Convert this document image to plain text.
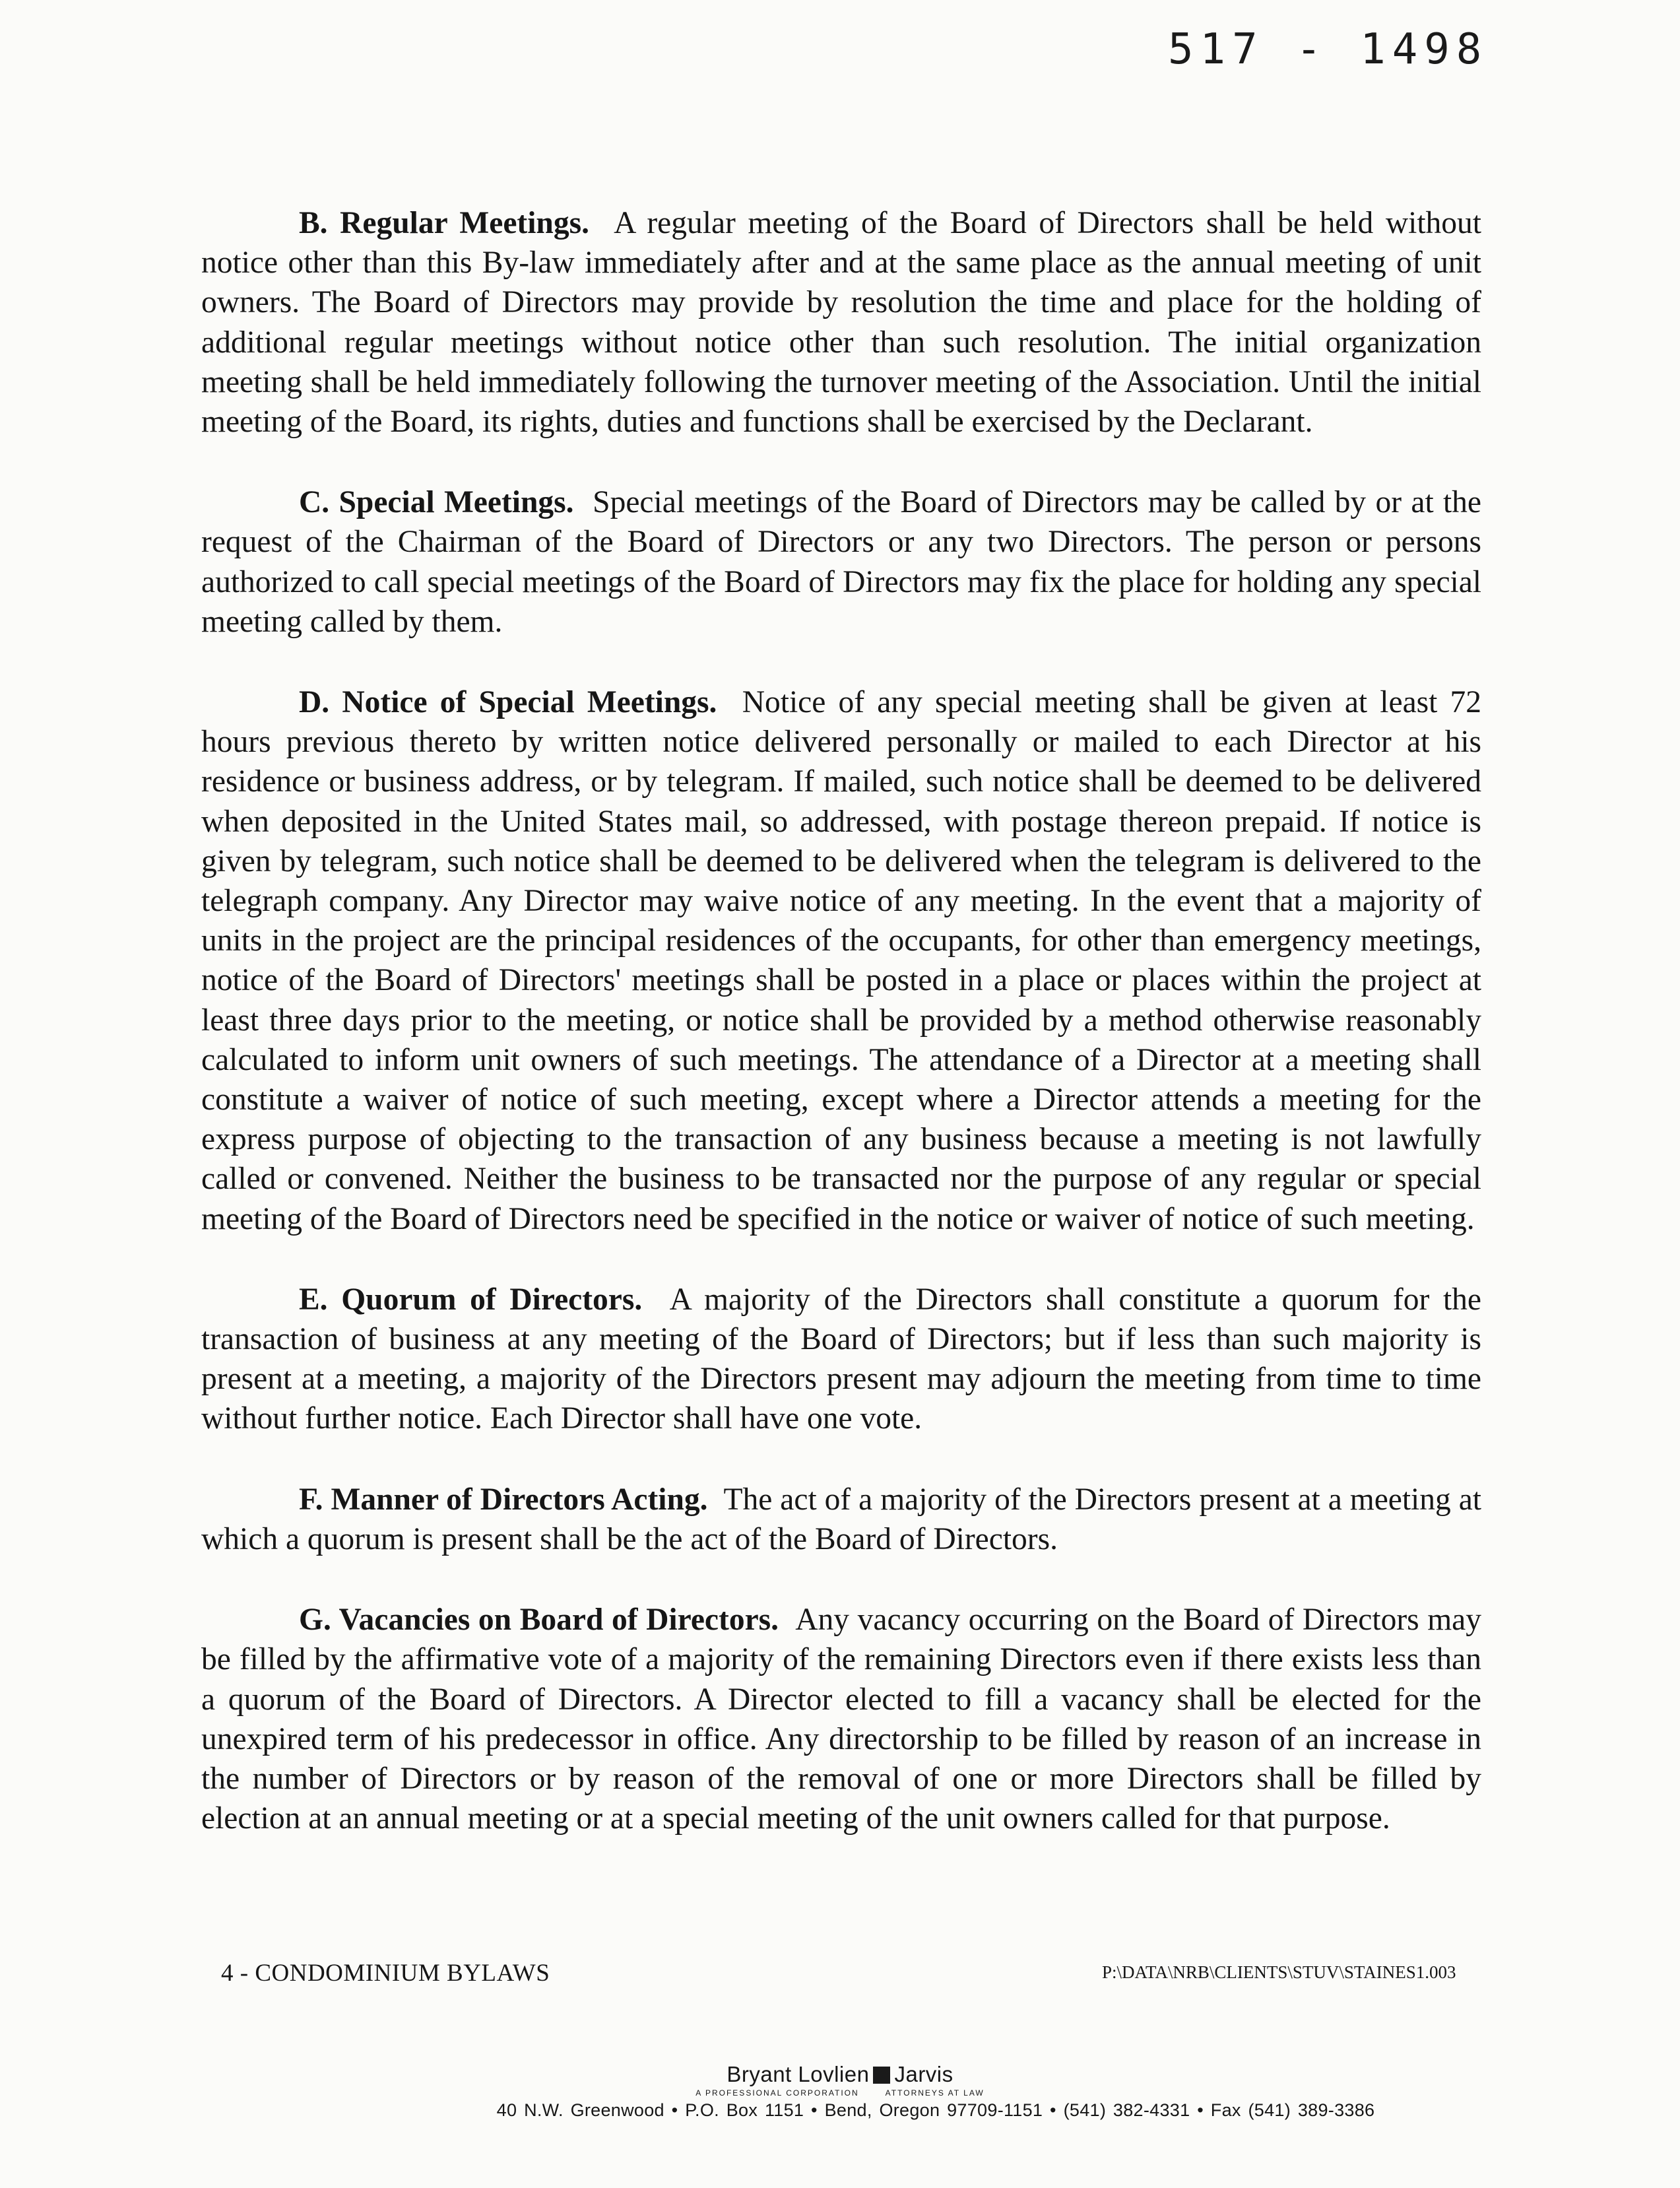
517 - 1498

B. Regular Meetings. A regular meeting of the Board of Directors shall be held without notice other than this By-law immediately after and at the same place as the annual meeting of unit owners. The Board of Directors may provide by resolution the time and place for the holding of additional regular meetings without notice other than such resolution. The initial organization meeting shall be held immediately following the turnover meeting of the Association. Until the initial meeting of the Board, its rights, duties and functions shall be exercised by the Declarant.

C. Special Meetings. Special meetings of the Board of Directors may be called by or at the request of the Chairman of the Board of Directors or any two Directors. The person or persons authorized to call special meetings of the Board of Directors may fix the place for holding any special meeting called by them.

D. Notice of Special Meetings. Notice of any special meeting shall be given at least 72 hours previous thereto by written notice delivered personally or mailed to each Director at his residence or business address, or by telegram. If mailed, such notice shall be deemed to be delivered when deposited in the United States mail, so addressed, with postage thereon prepaid. If notice is given by telegram, such notice shall be deemed to be delivered when the telegram is delivered to the telegraph company. Any Director may waive notice of any meeting. In the event that a majority of units in the project are the principal residences of the occupants, for other than emergency meetings, notice of the Board of Directors' meetings shall be posted in a place or places within the project at least three days prior to the meeting, or notice shall be provided by a method otherwise reasonably calculated to inform unit owners of such meetings. The attendance of a Director at a meeting shall constitute a waiver of notice of such meeting, except where a Director attends a meeting for the express purpose of objecting to the transaction of any business because a meeting is not lawfully called or convened. Neither the business to be transacted nor the purpose of any regular or special meeting of the Board of Directors need be specified in the notice or waiver of notice of such meeting.

E. Quorum of Directors. A majority of the Directors shall constitute a quorum for the transaction of business at any meeting of the Board of Directors; but if less than such majority is present at a meeting, a majority of the Directors present may adjourn the meeting from time to time without further notice. Each Director shall have one vote.

F. Manner of Directors Acting. The act of a majority of the Directors present at a meeting at which a quorum is present shall be the act of the Board of Directors.

G. Vacancies on Board of Directors. Any vacancy occurring on the Board of Directors may be filled by the affirmative vote of a majority of the remaining Directors even if there exists less than a quorum of the Board of Directors. A Director elected to fill a vacancy shall be elected for the unexpired term of his predecessor in office. Any directorship to be filled by reason of an increase in the number of Directors or by reason of the removal of one or more Directors shall be filled by election at an annual meeting or at a special meeting of the unit owners called for that purpose.

4 - CONDOMINIUM BYLAWS	P:\DATA\NRB\CLIENTS\STUV\STAINES1.003
Bryant Lovlien Jarvis
A PROFESSIONAL CORPORATION	ATTORNEYS AT LAW
40 N.W. Greenwood • P.O. Box 1151 • Bend, Oregon 97709-1151 • (541) 382-4331 • Fax (541) 389-3386
